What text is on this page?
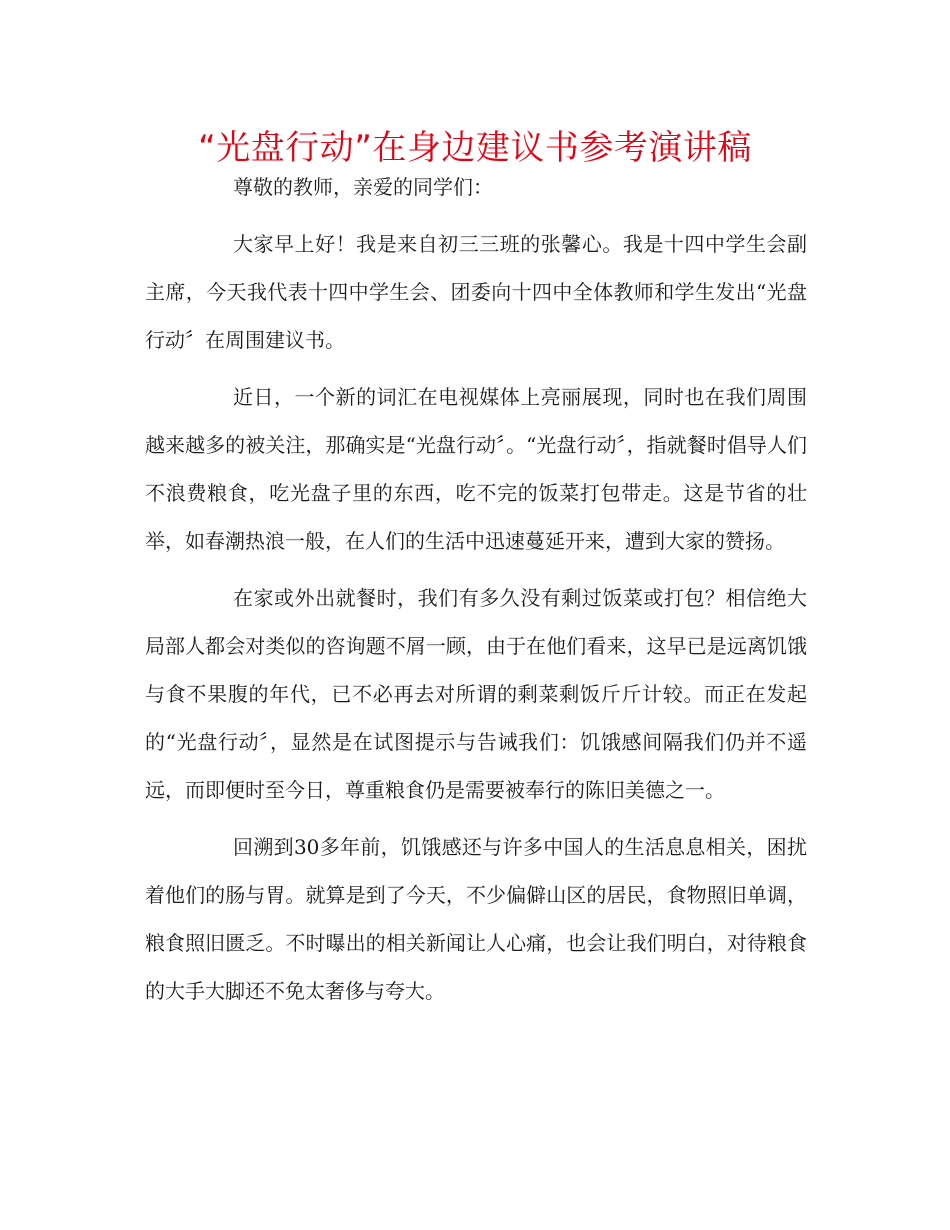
“光盘行动”在身边建议书参考演讲稿

尊敬的教师，亲爱的同学们：

大家早上好！我是来自初三三班的张馨心。我是十四中学生会副主席，今天我代表十四中学生会、团委向十四中全体教师和学生发出“光盘行动〞在周围建议书。

近日，一个新的词汇在电视媒体上亮丽展现，同时也在我们周围越来越多的被关注，那确实是“光盘行动〞。“光盘行动〞，指就餐时倡导人们不浪费粮食，吃光盘子里的东西，吃不完的饭菜打包带走。这是节省的壮举，如春潮热浪一般，在人们的生活中迅速蔓延开来，遭到大家的赞扬。

在家或外出就餐时，我们有多久没有剩过饭菜或打包？相信绝大局部人都会对类似的咨询题不屑一顾，由于在他们看来，这早已是远离饥饿与食不果腹的年代，已不必再去对所谓的剩菜剩饭斤斤计较。而正在发起的“光盘行动〞，显然是在试图提示与告诫我们：饥饿感间隔我们仍并不遥远，而即便时至今日，尊重粮食仍是需要被奉行的陈旧美德之一。

回溯到30多年前，饥饿感还与许多中国人的生活息息相关，困扰着他们的肠与胃。就算是到了今天，不少偏僻山区的居民，食物照旧单调，粮食照旧匮乏。不时曝出的相关新闻让人心痛，也会让我们明白，对待粮食的大手大脚还不免太奢侈与夸大。
